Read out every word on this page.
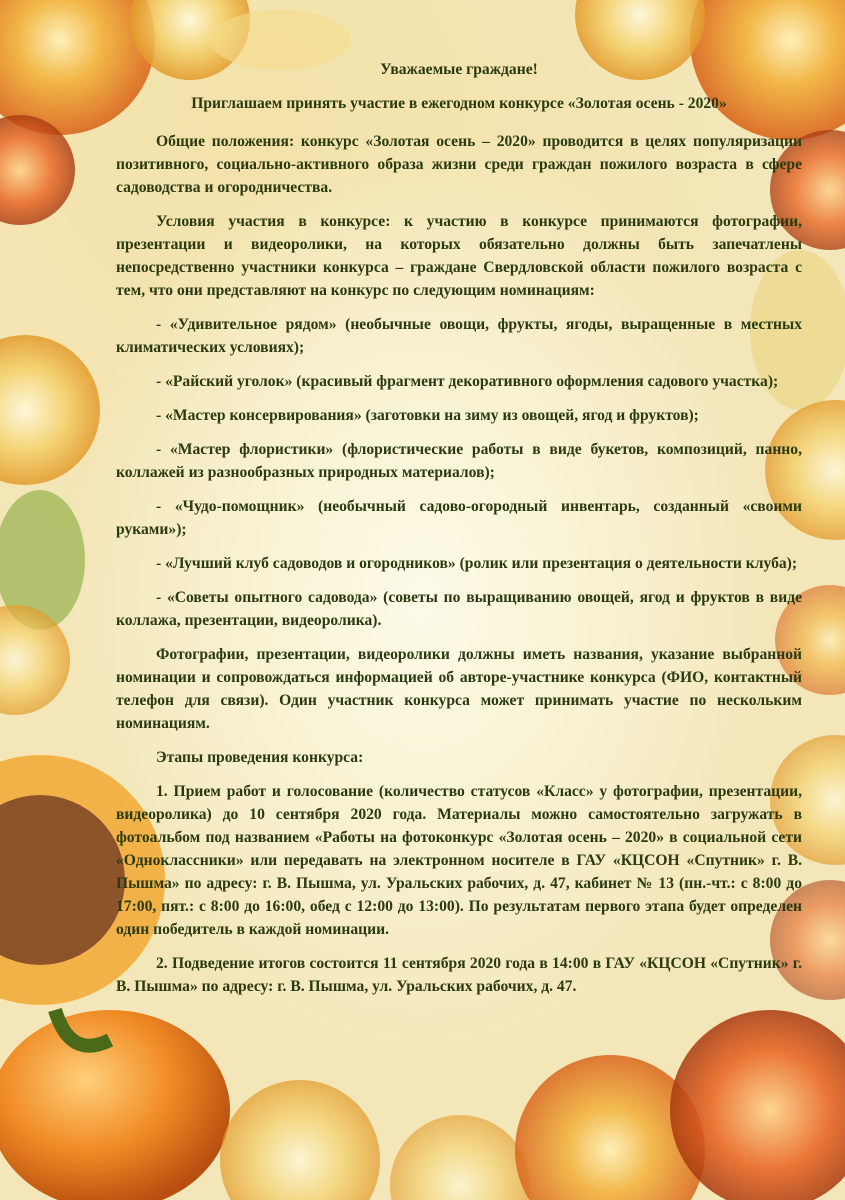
Уважаемые граждане!

Приглашаем принять участие в ежегодном конкурсе «Золотая осень - 2020»

Общие положения: конкурс «Золотая осень – 2020» проводится в целях популяризации позитивного, социально-активного образа жизни среди граждан пожилого возраста в сфере садоводства и огородничества.

Условия участия в конкурсе: к участию в конкурсе принимаются фотографии, презентации и видеоролики, на которых обязательно должны быть запечатлены непосредственно участники конкурса – граждане Свердловской области пожилого возраста с тем, что они представляют на конкурс по следующим номинациям:

- «Удивительное рядом» (необычные овощи, фрукты, ягоды, выращенные в местных климатических условиях);

- «Райский уголок» (красивый фрагмент декоративного оформления садового участка);

- «Мастер консервирования» (заготовки на зиму из овощей, ягод и фруктов);

- «Мастер флористики» (флористические работы в виде букетов, композиций, панно, коллажей из разнообразных природных материалов);

- «Чудо-помощник» (необычный садово-огородный инвентарь, созданный «своими руками»);

- «Лучший клуб садоводов и огородников» (ролик или презентация о деятельности клуба);

- «Советы опытного садовода» (советы по выращиванию овощей, ягод и фруктов в виде коллажа, презентации, видеоролика).

Фотографии, презентации, видеоролики должны иметь названия, указание выбранной номинации и сопровождаться информацией об авторе-участнике конкурса (ФИО, контактный телефон для связи). Один участник конкурса может принимать участие по нескольким номинациям.

Этапы проведения конкурса:

1. Прием работ и голосование (количество статусов «Класс» у фотографии, презентации, видеоролика) до 10 сентября 2020 года. Материалы можно самостоятельно загружать в фотоальбом под названием «Работы на фотоконкурс «Золотая осень – 2020» в социальной сети «Одноклассники» или передавать на электронном носителе в ГАУ «КЦСОН «Спутник» г. В. Пышма» по адресу: г. В. Пышма, ул. Уральских рабочих, д. 47, кабинет № 13 (пн.-чт.: с 8:00 до 17:00, пят.: с 8:00 до 16:00, обед с 12:00 до 13:00). По результатам первого этапа будет определен один победитель в каждой номинации.

2. Подведение итогов состоится 11 сентября 2020 года в 14:00 в ГАУ «КЦСОН «Спутник» г. В. Пышма» по адресу: г. В. Пышма, ул. Уральских рабочих, д. 47.
